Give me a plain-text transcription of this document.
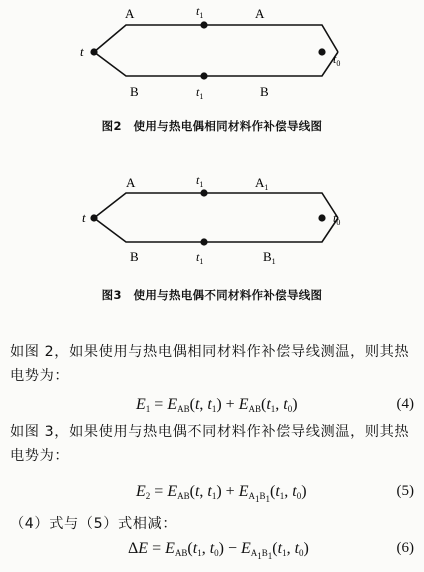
A	A
B	B
t
$t_1$
$t_1$
$t_0$
图2　使用与热电偶相同材料作补偿导线图
A	$A_1$
B	$B_1$
t
$t_1$
$t_1$
$t_0$
图3　使用与热电偶不同材料作补偿导线图
如图 2，如果使用与热电偶相同材料作补偿导线测温，则其热电势为：
$E_1 = E_{AB}(t$, $t_1) + E_{AB}(t_1$, $t_0$)	(4)
如图 3，如果使用与热电偶不同材料作补偿导线测温，则其热电势为：
$E_2 = E_{AB}(t$, $t_1) + E_{A_1B_1}(t_1$, $t_0$)	(5)
（4）式与（5）式相减：
$\Delta E = E_{AB}(t_1$, $t_0) - E_{A_1B_1}(t_1$, $t_0$)	(6)
